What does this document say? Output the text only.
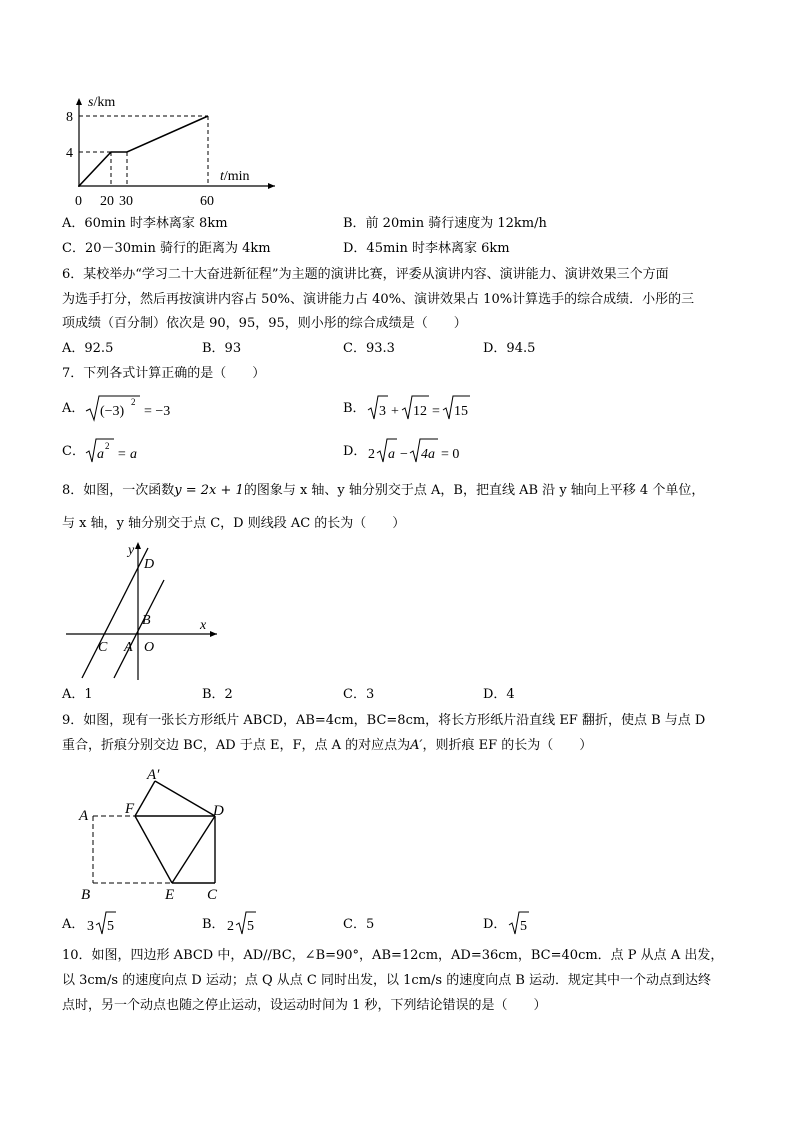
s/km
t/min
8
4
0 20 30	60
A．60min 时李林离家 8km	B．前 20min 骑行速度为 12km/h
C．20－30min 骑行的距离为 4km	D．45min 时李林离家 6km
6．某校举办“学习二十大奋进新征程”为主题的演讲比赛，评委从演讲内容、演讲能力、演讲效果三个方面
为选手打分，然后再按演讲内容占 50%、演讲能力占 40%、演讲效果占 10%计算选手的综合成绩．小彤的三
项成绩（百分制）依次是 90，95，95，则小彤的综合成绩是（　　）
A．92.5	B．93	C．93.3	D．94.5
7．下列各式计算正确的是（　　）
A． (−3)
2
= −3	B． 3 + 12 = 15
C． a
2
= a	D． 2 a − 4a = 0
8．如图，一次函数y = 2x + 1的图象与 x 轴、y 轴分别交于点 A，B，把直线 AB 沿 y 轴向上平移 4 个单位，
与 x 轴，y 轴分别交于点 C，D 则线段 AC 的长为（　　）
y
x
D
B
C A O
A．1	B．2	C．3	D．4
9．如图，现有一张长方形纸片 ABCD，AB=4cm，BC=8cm，将长方形纸片沿直线 EF 翻折，使点 B 与点 D
重合，折痕分别交边 BC，AD 于点 E，F，点 A 的对应点为A′，则折痕 EF 的长为（　　）
A′
A F	D
B	E C
A． 3 5	B． 2 5	C．5	D． 5
10．如图，四边形 ABCD 中，AD//BC，∠B=90°，AB=12cm，AD=36cm，BC=40cm．点 P 从点 A 出发，
以 3cm/s 的速度向点 D 运动；点 Q 从点 C 同时出发，以 1cm/s 的速度向点 B 运动．规定其中一个动点到达终
点时，另一个动点也随之停止运动，设运动时间为 1 秒，下列结论错误的是（　　）
